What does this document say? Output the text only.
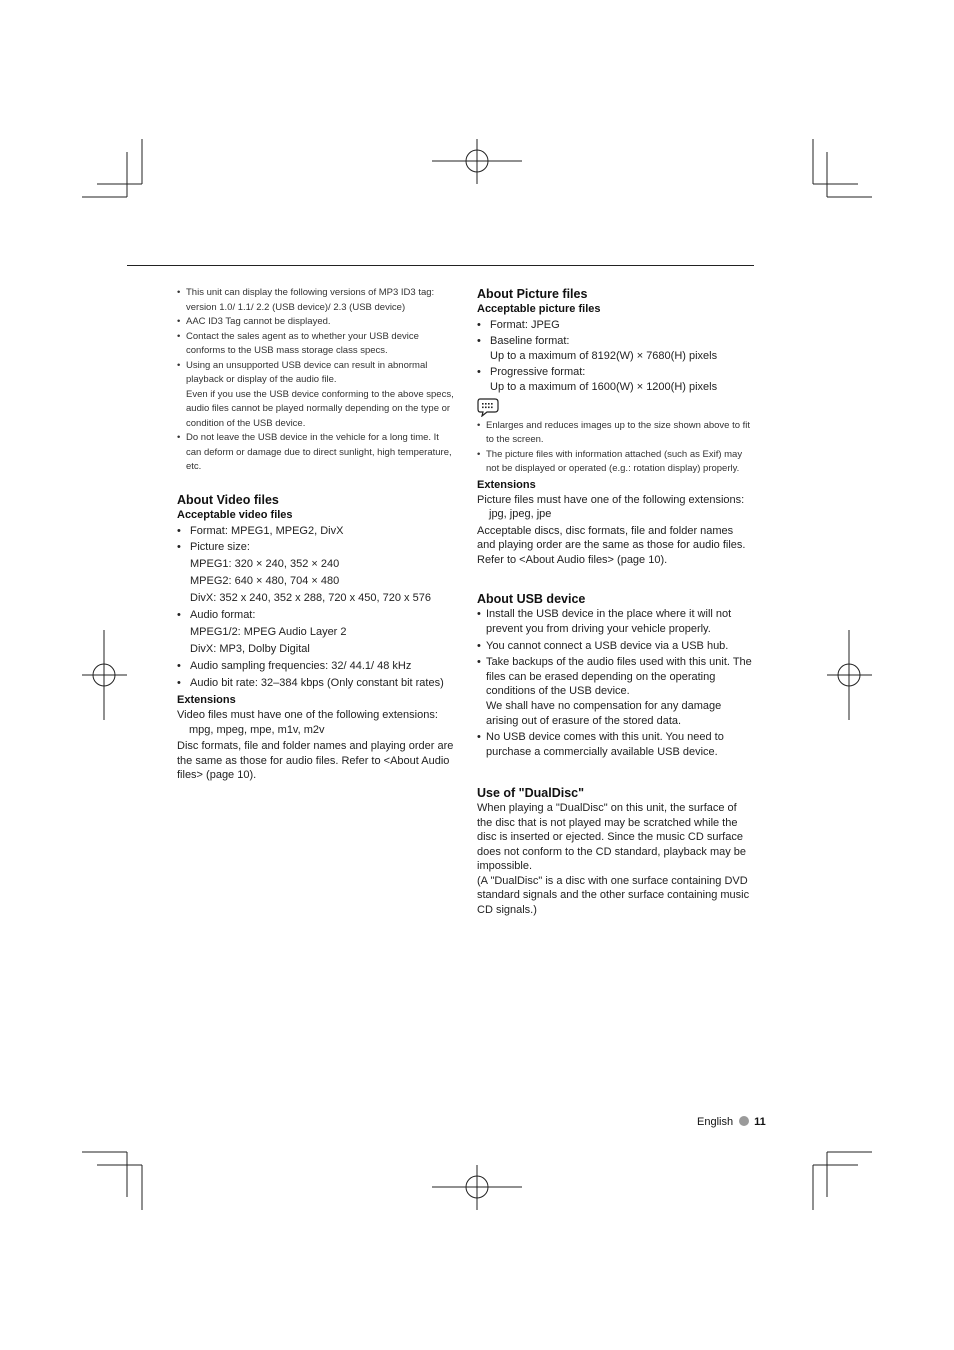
• This unit can display the following versions of MP3 ID3 tag: version 1.0/ 1.1/ 2.2 (USB device)/ 2.3 (USB device)
• AAC ID3 Tag cannot be displayed.
• Contact the sales agent as to whether your USB device conforms to the USB mass storage class specs.
• Using an unsupported USB device can result in abnormal playback or display of the audio file.
Even if you use the USB device conforming to the above specs, audio files cannot be played normally depending on the type or condition of the USB device.
• Do not leave the USB device in the vehicle for a long time. It can deform or damage due to direct sunlight, high temperature, etc.
About Video files
Acceptable video files
• Format: MPEG1, MPEG2, DivX
• Picture size:
MPEG1: 320 × 240, 352 × 240
MPEG2: 640 × 480, 704 × 480
DivX: 352 x 240, 352 x 288, 720 x 450, 720 x 576
• Audio format:
MPEG1/2: MPEG Audio Layer 2
DivX: MP3, Dolby Digital
• Audio sampling frequencies: 32/ 44.1/ 48 kHz
• Audio bit rate: 32–384 kbps (Only constant bit rates)
Extensions

Video files must have one of the following extensions:

mpg, mpeg, mpe, m1v, m2v

Disc formats, file and folder names and playing order are the same as those for audio files. Refer to <About Audio files> (page 10).

About Picture files
Acceptable picture files
• Format: JPEG
• Baseline format:
Up to a maximum of 8192(W) × 7680(H) pixels
• Progressive format:
Up to a maximum of 1600(W) × 1200(H) pixels
• Enlarges and reduces images up to the size shown above to fit to the screen.
• The picture files with information attached (such as Exif) may not be displayed or operated (e.g.: rotation display) properly.
Extensions

Picture files must have one of the following extensions:

jpg, jpeg, jpe

Acceptable discs, disc formats, file and folder names and playing order are the same as those for audio files. Refer to <About Audio files> (page 10).

About USB device
• Install the USB device in the place where it will not prevent you from driving your vehicle properly.
• You cannot connect a USB device via a USB hub.
• Take backups of the audio files used with this unit. The files can be erased depending on the operating conditions of the USB device.
We shall have no compensation for any damage arising out of erasure of the stored data.
• No USB device comes with this unit. You need to purchase a commercially available USB device.
Use of "DualDisc"

When playing a "DualDisc" on this unit, the surface of the disc that is not played may be scratched while the disc is inserted or ejected. Since the music CD surface does not conform to the CD standard, playback may be impossible.

(A "DualDisc" is a disc with one surface containing DVD standard signals and the other surface containing music CD signals.)

English 11
